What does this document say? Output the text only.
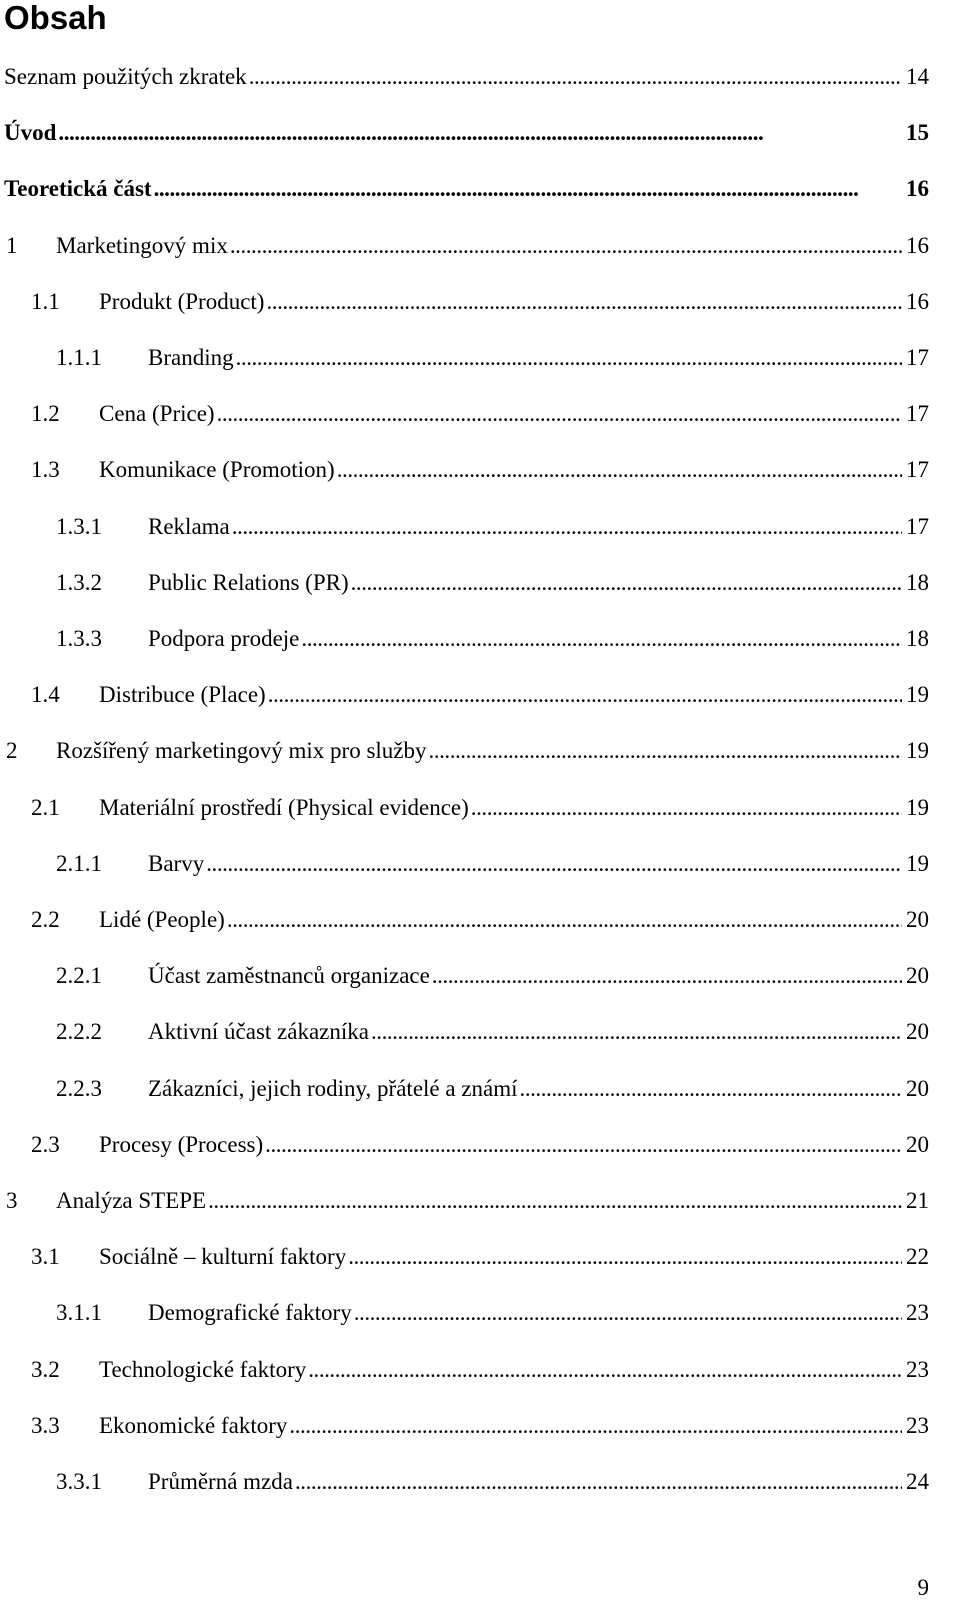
Obsah
Seznam použitých zkratek . . .	14
Úvod . . .	15
Teoretická část . . .	16
1 Marketingový mix . . .	16
1.1 Produkt (Product) . . .	16
1.1.1 Branding . . .	17
1.2 Cena (Price) . . .	17
1.3 Komunikace (Promotion) . . .	17
1.3.1 Reklama . . .	17
1.3.2 Public Relations (PR) . . .	18
1.3.3 Podpora prodeje . . .	18
1.4 Distribuce (Place) . . .	19
2 Rozšířený marketingový mix pro služby . . .	19
2.1 Materiální prostředí (Physical evidence) . . .	19
2.1.1 Barvy . . .	19
2.2 Lidé (People) . . .	20
2.2.1 Účast zaměstnanců organizace . . .	20
2.2.2 Aktivní účast zákazníka . . .	20
2.2.3 Zákazníci, jejich rodiny, přátelé a známí . . .	20
2.3 Procesy (Process) . . .	20
3 Analýza STEPE . . .	21
3.1 Sociálně – kulturní faktory . . .	22
3.1.1 Demografické faktory . . .	23
3.2 Technologické faktory . . .	23
3.3 Ekonomické faktory . . .	23
3.3.1 Průměrná mzda . . .	24
9
